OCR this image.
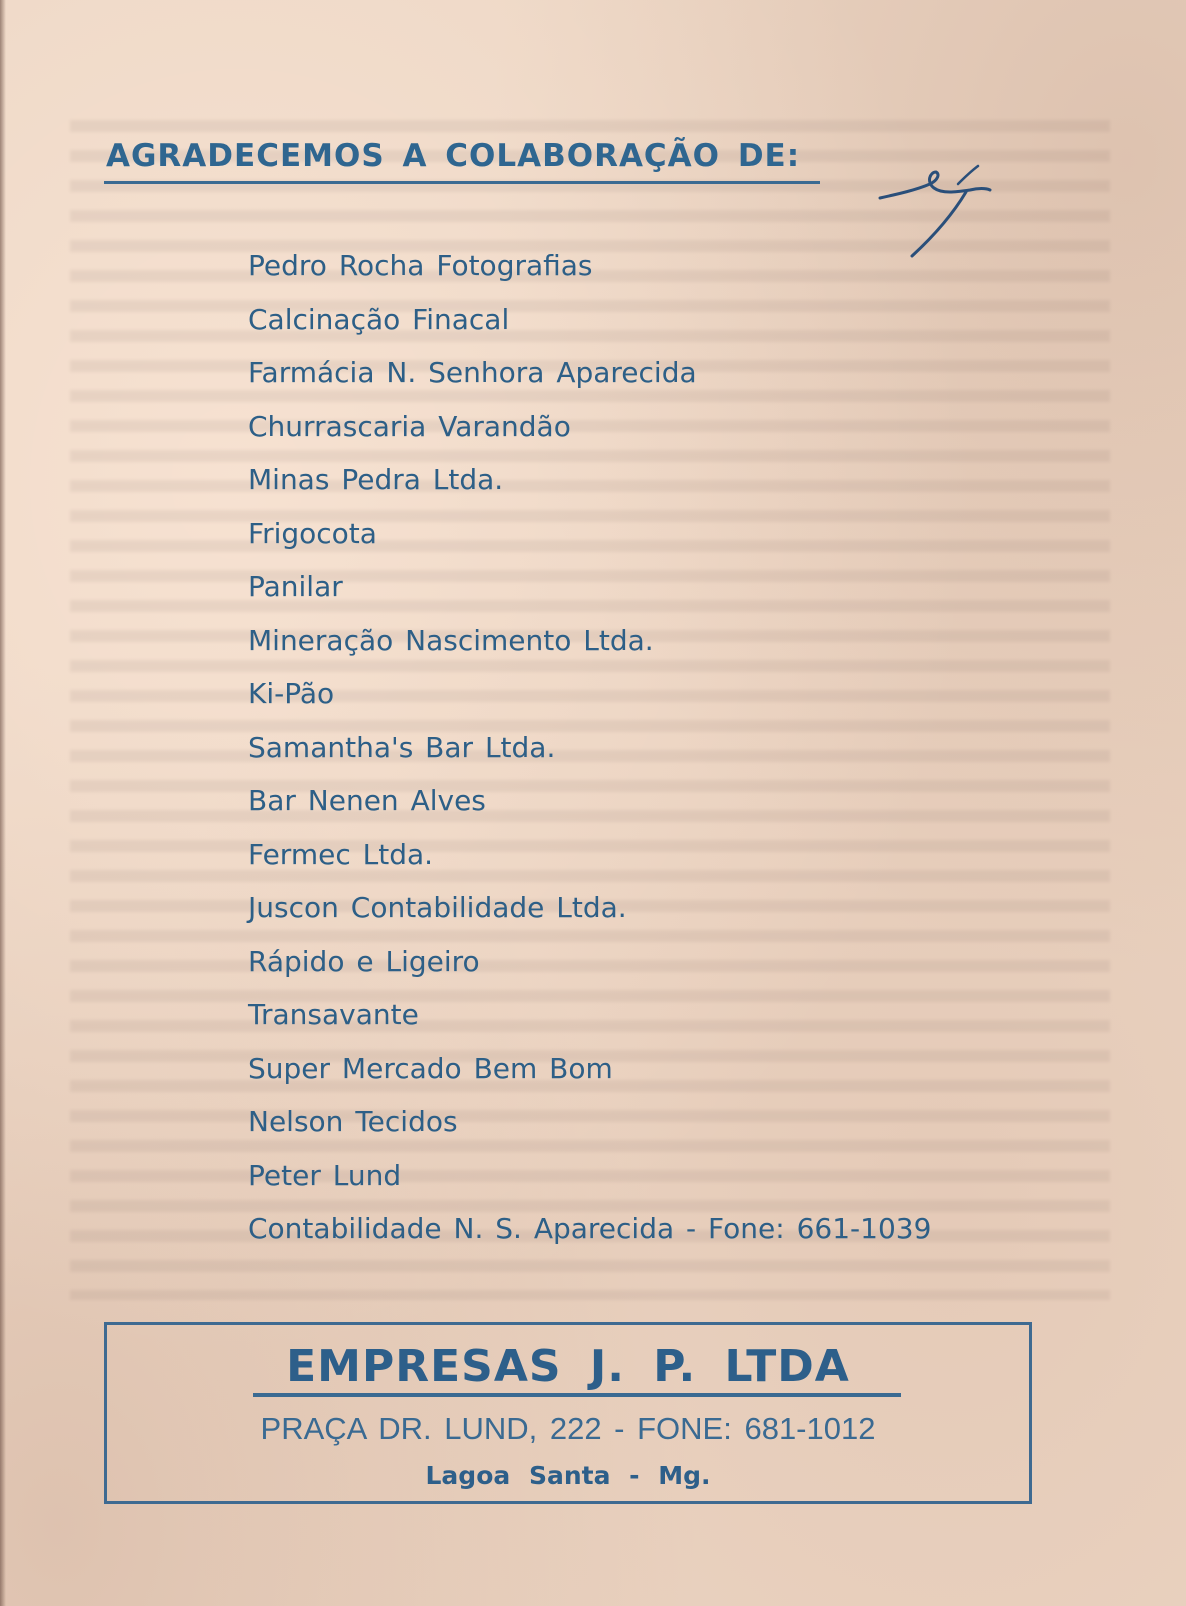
AGRADECEMOS A COLABORAÇÃO DE:
Pedro Rocha Fotografias
Calcinação Finacal
Farmácia N. Senhora Aparecida
Churrascaria Varandão
Minas Pedra Ltda.
Frigocota
Panilar
Mineração Nascimento Ltda.
Ki-Pão
Samantha's Bar Ltda.
Bar Nenen Alves
Fermec Ltda.
Juscon Contabilidade Ltda.
Rápido e Ligeiro
Transavante
Super Mercado Bem Bom
Nelson Tecidos
Peter Lund
Contabilidade N. S. Aparecida - Fone: 661-1039
EMPRESAS J. P. LTDA
PRAÇA DR. LUND, 222 - FONE: 681-1012
Lagoa Santa - Mg.
